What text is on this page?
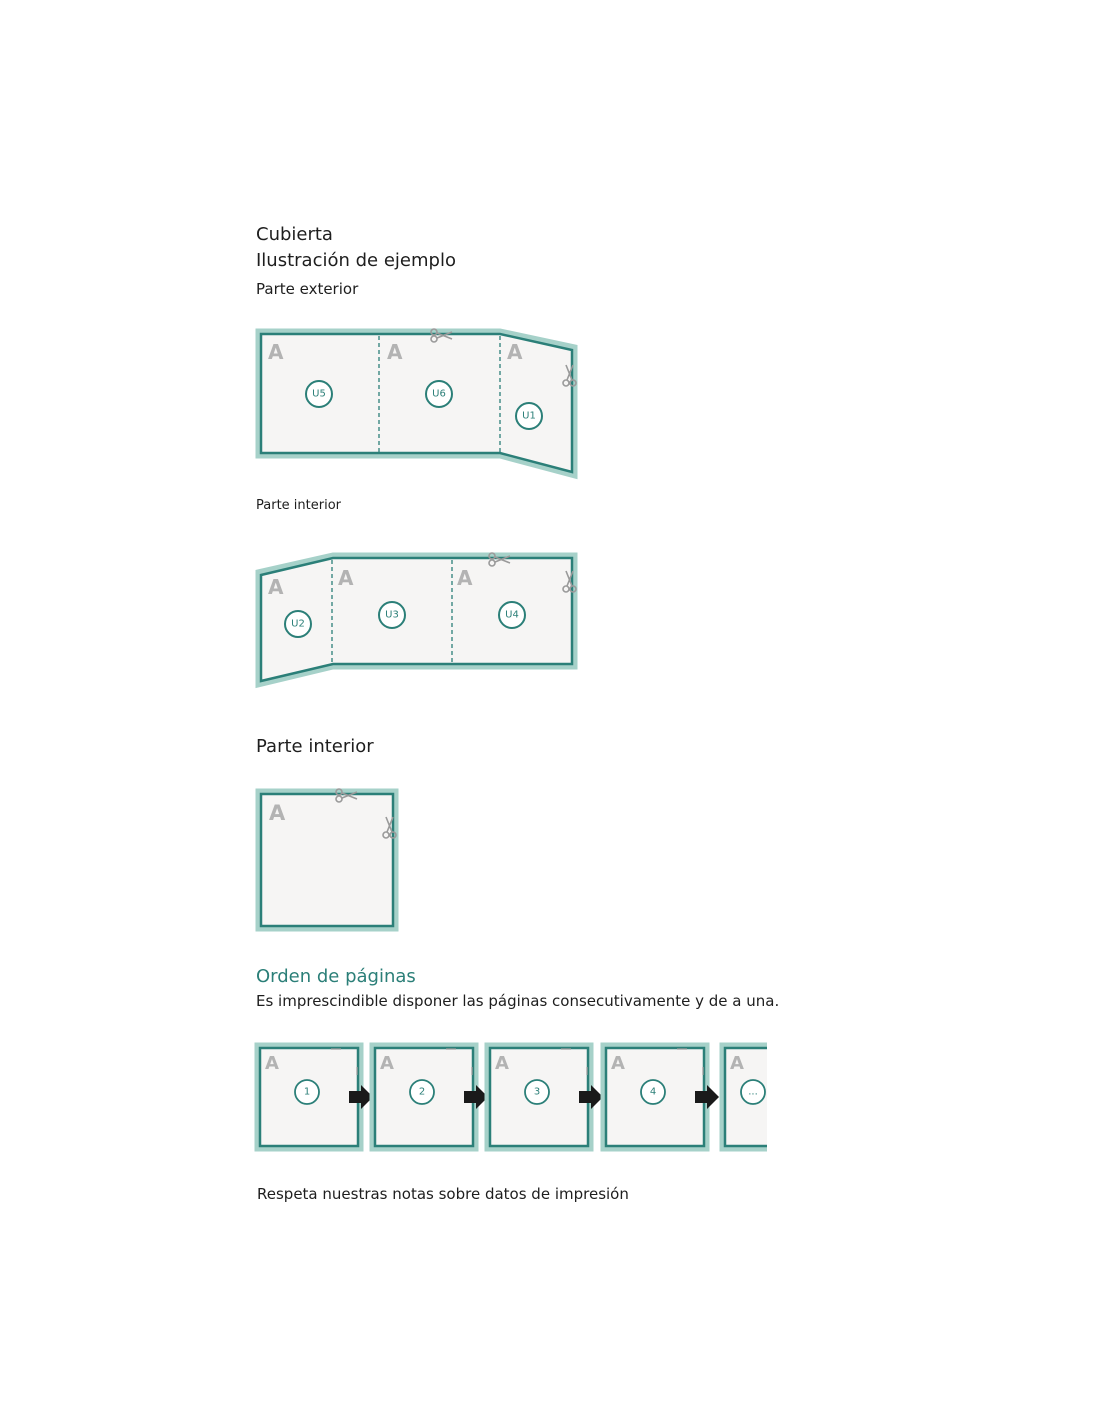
Cubierta
Ilustración de ejemplo
Parte exterior
A	A	A
U5	U6
U1
Parte interior
A	A	A
U2
U3	U4
Parte interior
A
Orden de páginas
Es imprescindible disponer las páginas consecutivamente y de a una.
A
1
A
2
A
3
A
4
A
...
Respeta nuestras notas sobre datos de impresión
